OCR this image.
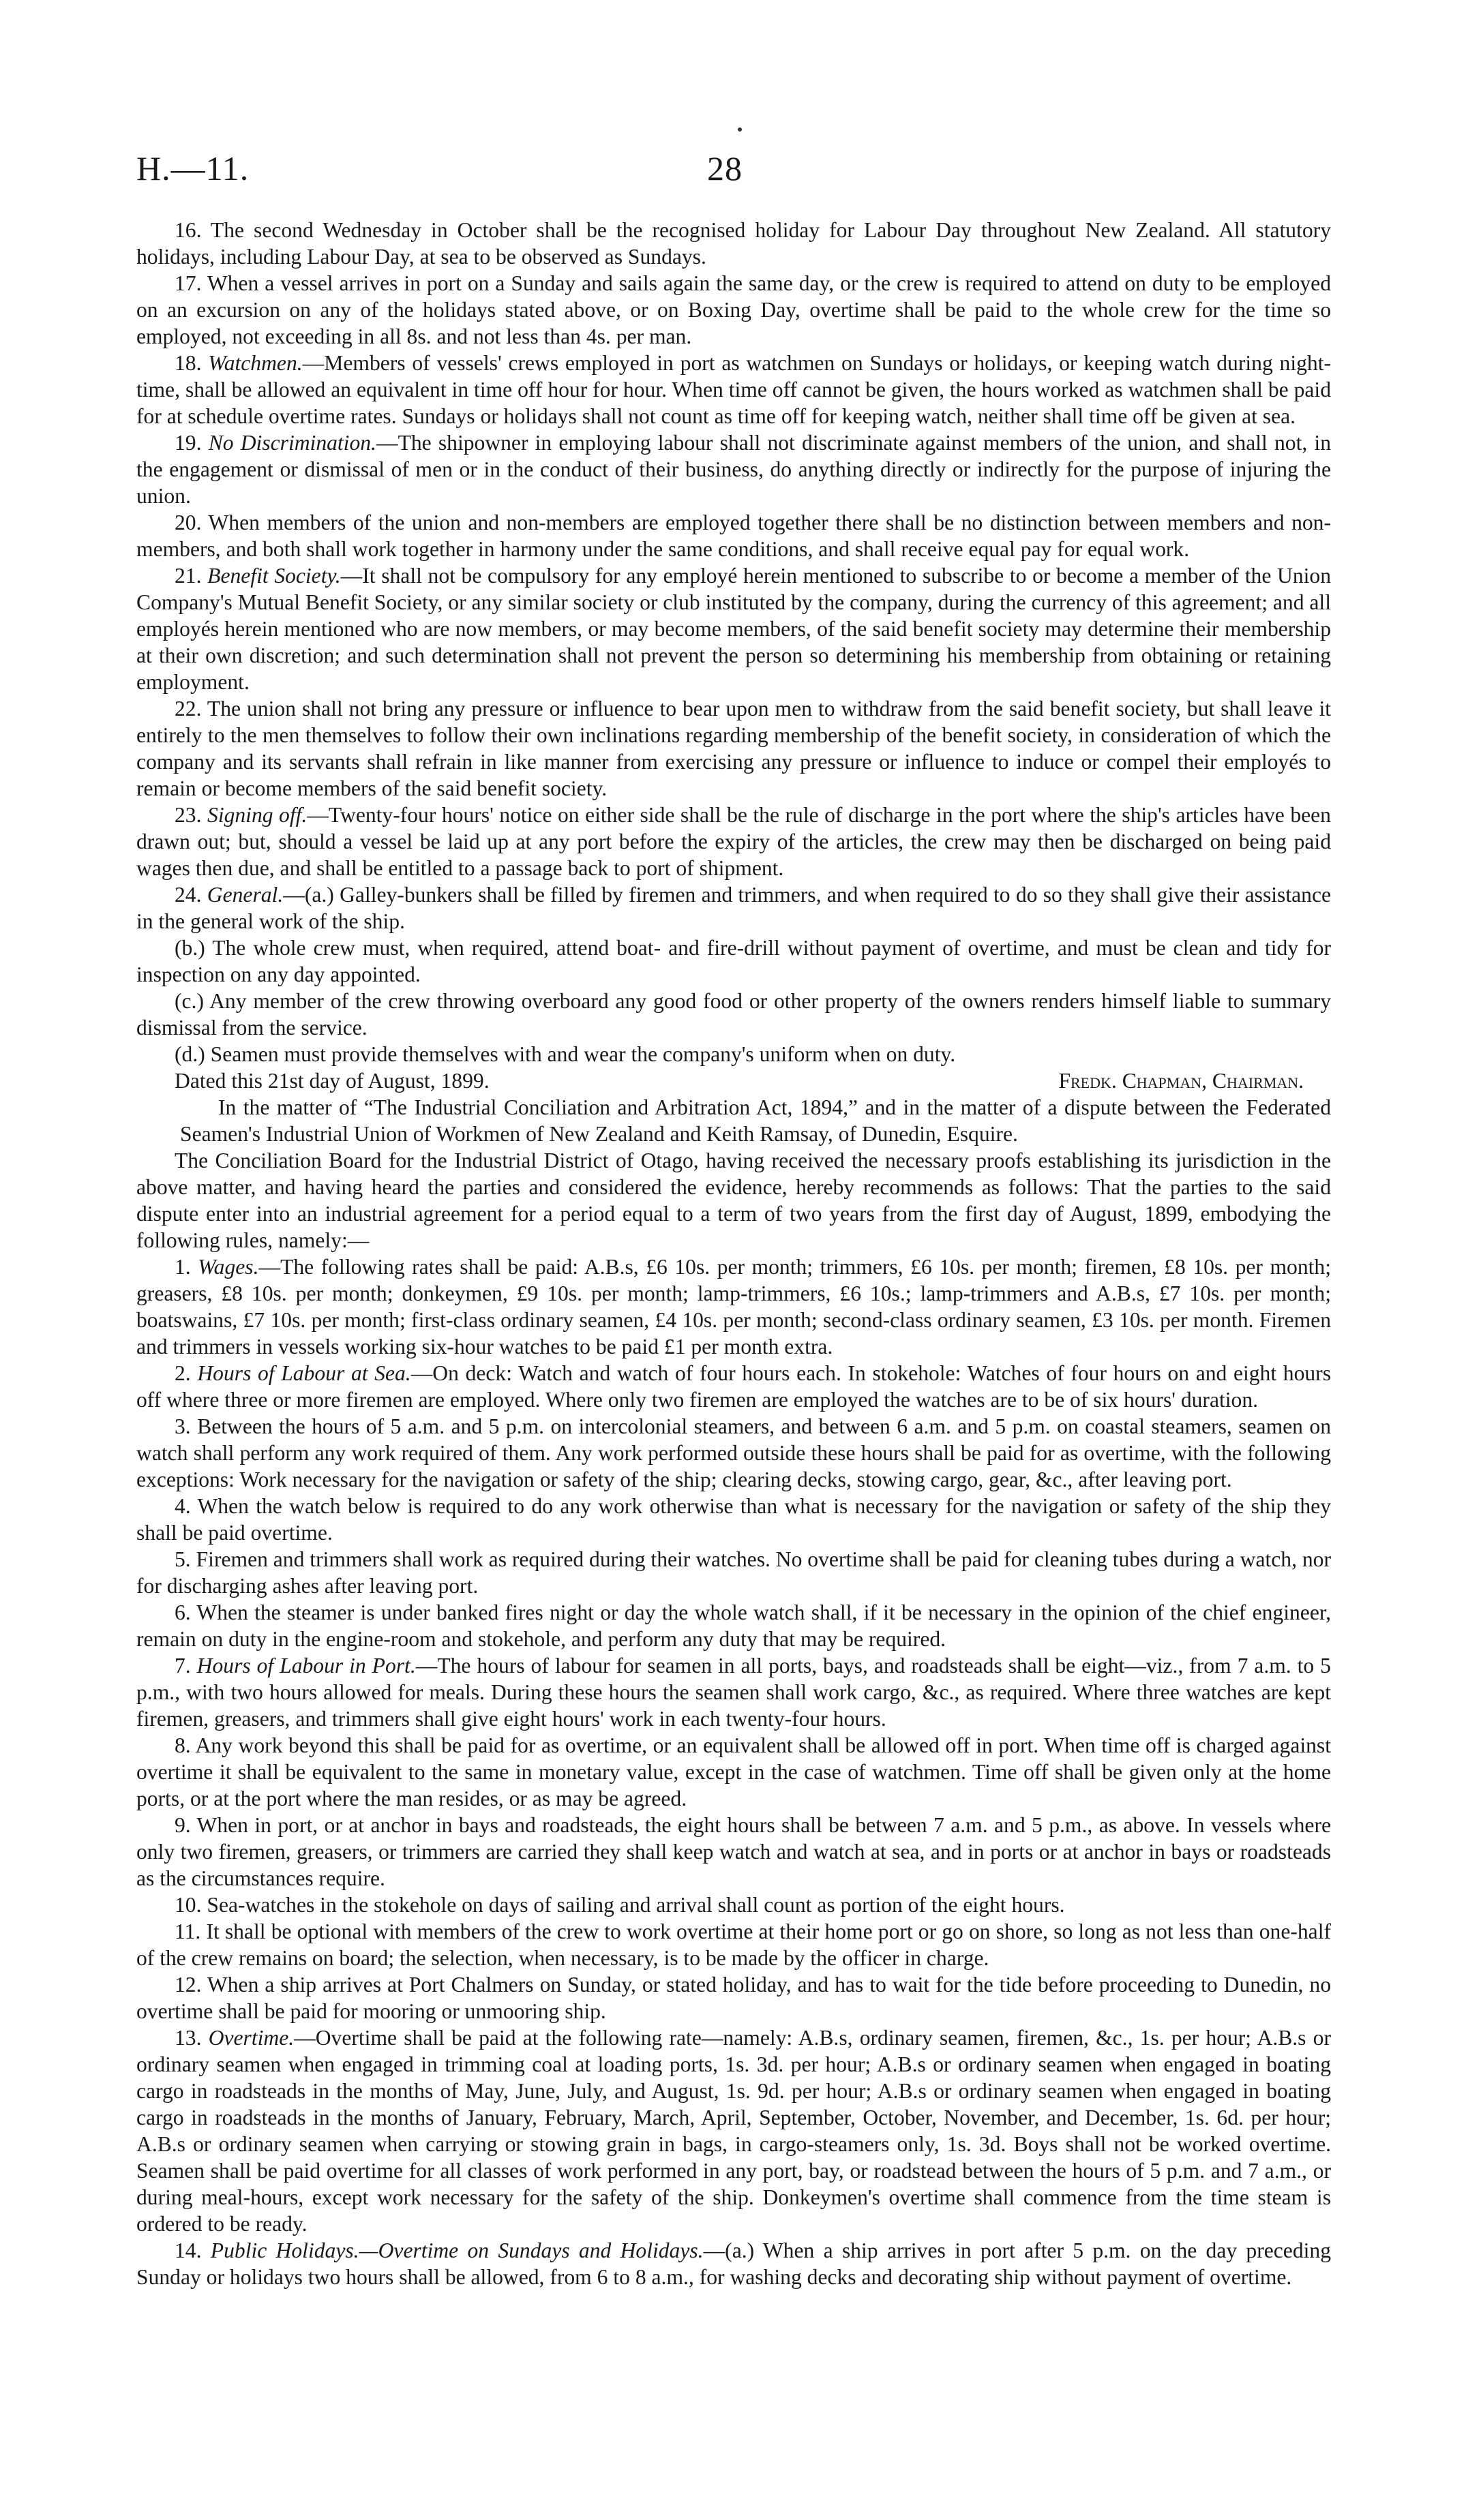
H.—11.	28

16. The second Wednesday in October shall be the recognised holiday for Labour Day throughout New Zealand. All statutory holidays, including Labour Day, at sea to be observed as Sundays.

17. When a vessel arrives in port on a Sunday and sails again the same day, or the crew is required to attend on duty to be employed on an excursion on any of the holidays stated above, or on Boxing Day, overtime shall be paid to the whole crew for the time so employed, not exceeding in all 8s. and not less than 4s. per man.

18. Watchmen.—Members of vessels' crews employed in port as watchmen on Sundays or holidays, or keeping watch during night-time, shall be allowed an equivalent in time off hour for hour. When time off cannot be given, the hours worked as watchmen shall be paid for at schedule overtime rates. Sundays or holidays shall not count as time off for keeping watch, neither shall time off be given at sea.

19. No Discrimination.—The shipowner in employing labour shall not discriminate against members of the union, and shall not, in the engagement or dismissal of men or in the conduct of their business, do anything directly or indirectly for the purpose of injuring the union.

20. When members of the union and non-members are employed together there shall be no distinction between members and non-members, and both shall work together in harmony under the same conditions, and shall receive equal pay for equal work.

21. Benefit Society.—It shall not be compulsory for any employé herein mentioned to subscribe to or become a member of the Union Company's Mutual Benefit Society, or any similar society or club instituted by the company, during the currency of this agreement; and all employés herein mentioned who are now members, or may become members, of the said benefit society may determine their membership at their own discretion; and such determination shall not prevent the person so determining his membership from obtaining or retaining employment.

22. The union shall not bring any pressure or influence to bear upon men to withdraw from the said benefit society, but shall leave it entirely to the men themselves to follow their own inclinations regarding membership of the benefit society, in consideration of which the company and its servants shall refrain in like manner from exercising any pressure or influence to induce or compel their employés to remain or become members of the said benefit society.

23. Signing off.—Twenty-four hours' notice on either side shall be the rule of discharge in the port where the ship's articles have been drawn out; but, should a vessel be laid up at any port before the expiry of the articles, the crew may then be discharged on being paid wages then due, and shall be entitled to a passage back to port of shipment.

24. General.—(a.) Galley-bunkers shall be filled by firemen and trimmers, and when required to do so they shall give their assistance in the general work of the ship.

(b.) The whole crew must, when required, attend boat- and fire-drill without payment of overtime, and must be clean and tidy for inspection on any day appointed.

(c.) Any member of the crew throwing overboard any good food or other property of the owners renders himself liable to summary dismissal from the service.

(d.) Seamen must provide themselves with and wear the company's uniform when on duty.

Dated this 21st day of August, 1899.	Fredk. Chapman, Chairman.

In the matter of “The Industrial Conciliation and Arbitration Act, 1894,” and in the matter of a dispute between the Federated Seamen's Industrial Union of Workmen of New Zealand and Keith Ramsay, of Dunedin, Esquire.

The Conciliation Board for the Industrial District of Otago, having received the necessary proofs establishing its jurisdiction in the above matter, and having heard the parties and considered the evidence, hereby recommends as follows: That the parties to the said dispute enter into an industrial agreement for a period equal to a term of two years from the first day of August, 1899, embodying the following rules, namely:—

1. Wages.—The following rates shall be paid: A.B.s, £6 10s. per month; trimmers, £6 10s. per month; firemen, £8 10s. per month; greasers, £8 10s. per month; donkeymen, £9 10s. per month; lamp-trimmers, £6 10s.; lamp-trimmers and A.B.s, £7 10s. per month; boatswains, £7 10s. per month; first-class ordinary seamen, £4 10s. per month; second-class ordinary seamen, £3 10s. per month. Firemen and trimmers in vessels working six-hour watches to be paid £1 per month extra.

2. Hours of Labour at Sea.—On deck: Watch and watch of four hours each. In stokehole: Watches of four hours on and eight hours off where three or more firemen are employed. Where only two firemen are employed the watches are to be of six hours' duration.

3. Between the hours of 5 a.m. and 5 p.m. on intercolonial steamers, and between 6 a.m. and 5 p.m. on coastal steamers, seamen on watch shall perform any work required of them. Any work performed outside these hours shall be paid for as overtime, with the following exceptions: Work necessary for the navigation or safety of the ship; clearing decks, stowing cargo, gear, &c., after leaving port.

4. When the watch below is required to do any work otherwise than what is necessary for the navigation or safety of the ship they shall be paid overtime.

5. Firemen and trimmers shall work as required during their watches. No overtime shall be paid for cleaning tubes during a watch, nor for discharging ashes after leaving port.

6. When the steamer is under banked fires night or day the whole watch shall, if it be necessary in the opinion of the chief engineer, remain on duty in the engine-room and stokehole, and perform any duty that may be required.

7. Hours of Labour in Port.—The hours of labour for seamen in all ports, bays, and roadsteads shall be eight—viz., from 7 a.m. to 5 p.m., with two hours allowed for meals. During these hours the seamen shall work cargo, &c., as required. Where three watches are kept firemen, greasers, and trimmers shall give eight hours' work in each twenty-four hours.

8. Any work beyond this shall be paid for as overtime, or an equivalent shall be allowed off in port. When time off is charged against overtime it shall be equivalent to the same in monetary value, except in the case of watchmen. Time off shall be given only at the home ports, or at the port where the man resides, or as may be agreed.

9. When in port, or at anchor in bays and roadsteads, the eight hours shall be between 7 a.m. and 5 p.m., as above. In vessels where only two firemen, greasers, or trimmers are carried they shall keep watch and watch at sea, and in ports or at anchor in bays or roadsteads as the circumstances require.

10. Sea-watches in the stokehole on days of sailing and arrival shall count as portion of the eight hours.

11. It shall be optional with members of the crew to work overtime at their home port or go on shore, so long as not less than one-half of the crew remains on board; the selection, when necessary, is to be made by the officer in charge.

12. When a ship arrives at Port Chalmers on Sunday, or stated holiday, and has to wait for the tide before proceeding to Dunedin, no overtime shall be paid for mooring or unmooring ship.

13. Overtime.—Overtime shall be paid at the following rate—namely: A.B.s, ordinary seamen, firemen, &c., 1s. per hour; A.B.s or ordinary seamen when engaged in trimming coal at loading ports, 1s. 3d. per hour; A.B.s or ordinary seamen when engaged in boating cargo in roadsteads in the months of May, June, July, and August, 1s. 9d. per hour; A.B.s or ordinary seamen when engaged in boating cargo in roadsteads in the months of January, February, March, April, September, October, November, and December, 1s. 6d. per hour; A.B.s or ordinary seamen when carrying or stowing grain in bags, in cargo-steamers only, 1s. 3d. Boys shall not be worked overtime. Seamen shall be paid overtime for all classes of work performed in any port, bay, or roadstead between the hours of 5 p.m. and 7 a.m., or during meal-hours, except work necessary for the safety of the ship. Donkeymen's overtime shall commence from the time steam is ordered to be ready.

14. Public Holidays.—Overtime on Sundays and Holidays.—(a.) When a ship arrives in port after 5 p.m. on the day preceding Sunday or holidays two hours shall be allowed, from 6 to 8 a.m., for washing decks and decorating ship without payment of overtime.
